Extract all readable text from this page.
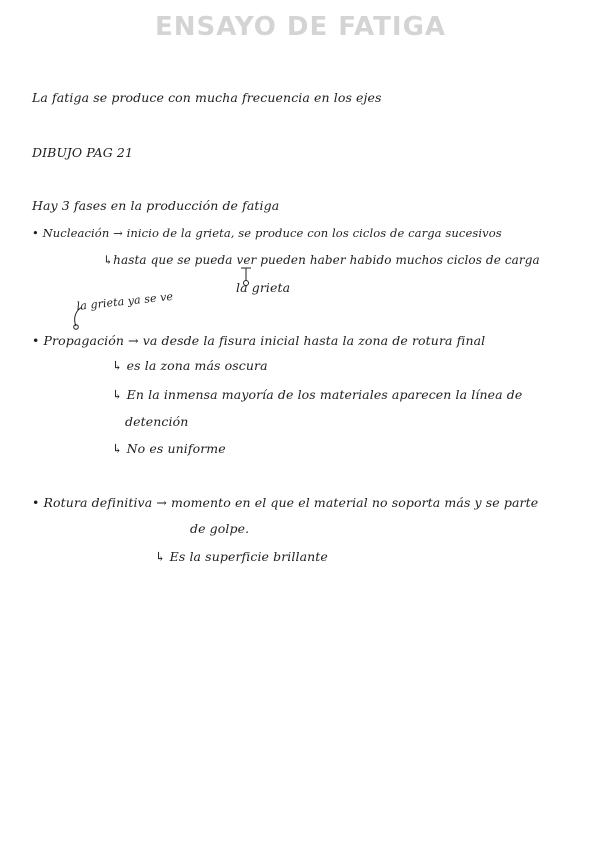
ENSAYO DE FATIGA
La fatiga se produce con mucha frecuencia en los ejes
DIBUJO PAG 21
Hay 3 fases en la producción de fatiga
• Nucleación → inicio de la grieta, se produce con los ciclos de carga sucesivos
↳hasta que se pueda ver pueden haber habido muchos ciclos de carga
la grieta
la grieta ya se ve
• Propagación → va desde la fisura inicial hasta la zona de rotura final
↳ es la zona más oscura
↳ En la inmensa mayoría de los materiales aparecen la línea de
detención
↳ No es uniforme
• Rotura definitiva → momento en el que el material no soporta más y se parte
de golpe.
↳ Es la superficie brillante
